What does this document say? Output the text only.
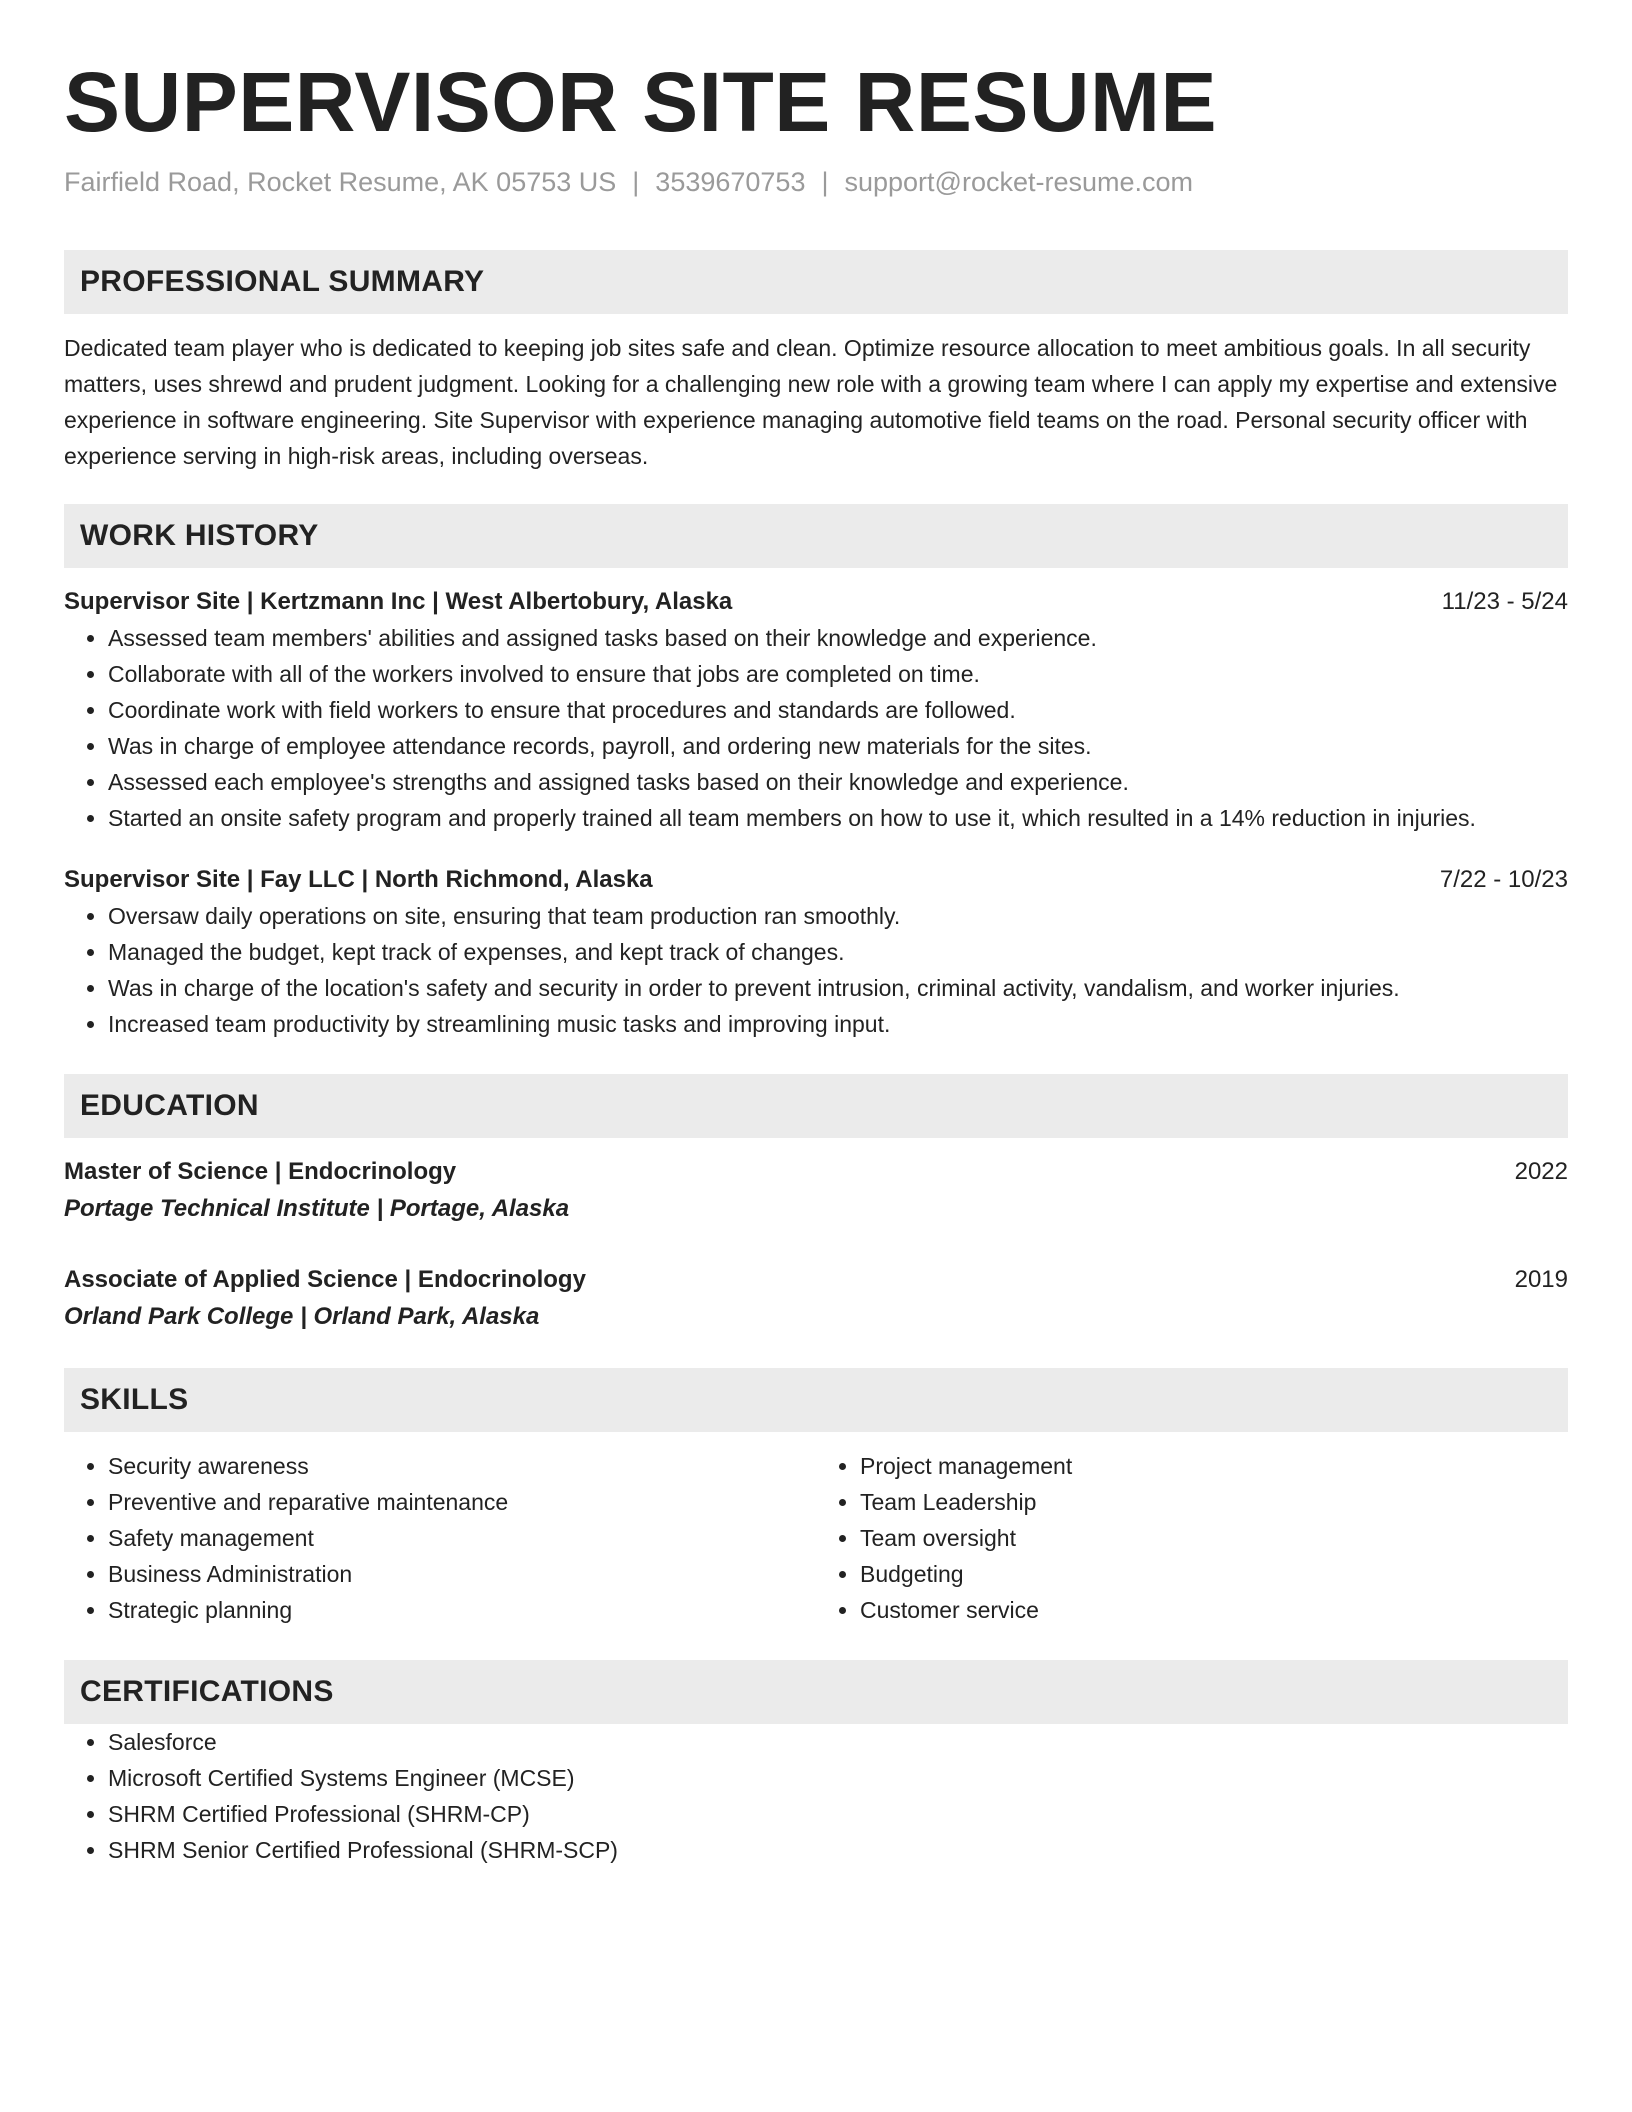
SUPERVISOR SITE RESUME
Fairfield Road, Rocket Resume, AK 05753 US | 3539670753 | support@rocket-resume.com
PROFESSIONAL SUMMARY

Dedicated team player who is dedicated to keeping job sites safe and clean. Optimize resource allocation to meet ambitious goals. In all security matters, uses shrewd and prudent judgment. Looking for a challenging new role with a growing team where I can apply my expertise and extensive experience in software engineering. Site Supervisor with experience managing automotive field teams on the road. Personal security officer with experience serving in high-risk areas, including overseas.

WORK HISTORY
Supervisor Site | Kertzmann Inc | West Albertobury, Alaska	11/23 - 5/24
• Assessed team members' abilities and assigned tasks based on their knowledge and experience.
• Collaborate with all of the workers involved to ensure that jobs are completed on time.
• Coordinate work with field workers to ensure that procedures and standards are followed.
• Was in charge of employee attendance records, payroll, and ordering new materials for the sites.
• Assessed each employee's strengths and assigned tasks based on their knowledge and experience.
• Started an onsite safety program and properly trained all team members on how to use it, which resulted in a 14% reduction in injuries.
Supervisor Site | Fay LLC | North Richmond, Alaska	7/22 - 10/23
• Oversaw daily operations on site, ensuring that team production ran smoothly.
• Managed the budget, kept track of expenses, and kept track of changes.
• Was in charge of the location's safety and security in order to prevent intrusion, criminal activity, vandalism, and worker injuries.
• Increased team productivity by streamlining music tasks and improving input.
EDUCATION
Master of Science | Endocrinology	2022
Portage Technical Institute | Portage, Alaska
Associate of Applied Science | Endocrinology	2019
Orland Park College | Orland Park, Alaska
SKILLS
• Security awareness
• Preventive and reparative maintenance
• Safety management
• Business Administration
• Strategic planning
• Project management
• Team Leadership
• Team oversight
• Budgeting
• Customer service
CERTIFICATIONS
• Salesforce
• Microsoft Certified Systems Engineer (MCSE)
• SHRM Certified Professional (SHRM-CP)
• SHRM Senior Certified Professional (SHRM-SCP)
